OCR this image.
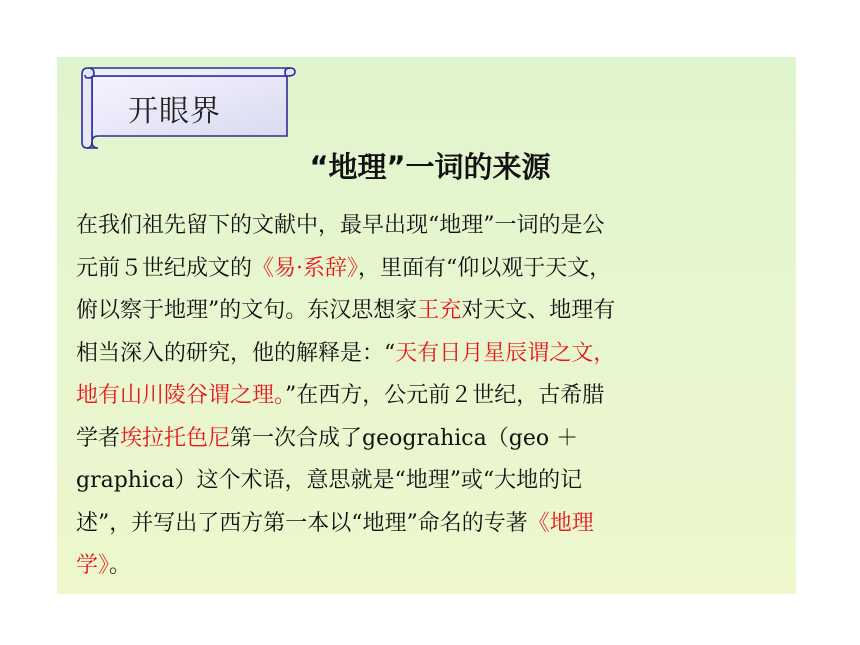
开眼界
“地理”一词的来源
在我们祖先留下的文献中，最早出现“地理”一词的是公
元前５世纪成文的《易·系辞》，里面有“仰以观于天文，
俯以察于地理”的文句。东汉思想家王充对天文、地理有
相当深入的研究，他的解释是：“天有日月星辰谓之文，
地有山川陵谷谓之理。”在西方，公元前２世纪，古希腊
学者埃拉托色尼第一次合成了geograhica（geo ＋
graphica）这个术语，意思就是“地理”或“大地的记
述”，并写出了西方第一本以“地理”命名的专著《地理
学》。
